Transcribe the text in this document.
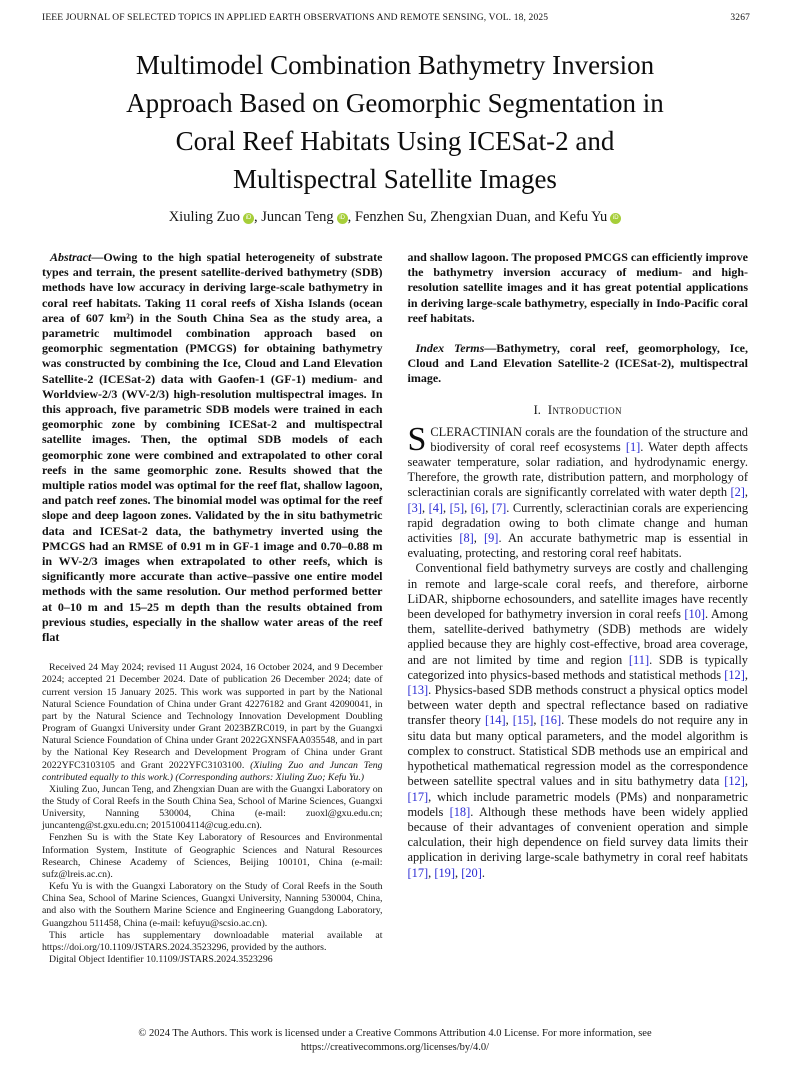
IEEE JOURNAL OF SELECTED TOPICS IN APPLIED EARTH OBSERVATIONS AND REMOTE SENSING, VOL. 18, 2025	3267
Multimodel Combination Bathymetry Inversion
Approach Based on Geomorphic Segmentation in
Coral Reef Habitats Using ICESat-2 and
Multispectral Satellite Images
Xiuling Zuo iD , Juncan Teng iD , Fenzhen Su, Zhengxian Duan, and Kefu Yu iD

Abstract—Owing to the high spatial heterogeneity of substrate types and terrain, the present satellite-derived bathymetry (SDB) methods have low accuracy in deriving large-scale bathymetry in coral reef habitats. Taking 11 coral reefs of Xisha Islands (ocean area of 607 km²) in the South China Sea as the study area, a parametric multimodel combination approach based on geomorphic segmentation (PMCGS) for obtaining bathymetry was constructed by combining the Ice, Cloud and Land Elevation Satellite-2 (ICESat-2) data with Gaofen-1 (GF-1) medium- and Worldview-2/3 (WV-2/3) high-resolution multispectral images. In this approach, five parametric SDB models were trained in each geomorphic zone by combining ICESat-2 and multispectral satellite images. Then, the optimal SDB models of each geomorphic zone were combined and extrapolated to other coral reefs in the same geomorphic zone. Results showed that the multiple ratios model was optimal for the reef flat, shallow lagoon, and patch reef zones. The binomial model was optimal for the reef slope and deep lagoon zones. Validated by the in situ bathymetric data and ICESat-2 data, the bathymetry inverted using the PMCGS had an RMSE of 0.91 m in GF-1 image and 0.70–0.88 m in WV-2/3 images when extrapolated to other reefs, which is significantly more accurate than active–passive one entire model methods with the same resolution. Our method performed better at 0–10 m and 15–25 m depth than the results obtained from previous studies, especially in the shallow water areas of the reef flat

Received 24 May 2024; revised 11 August 2024, 16 October 2024, and 9 December 2024; accepted 21 December 2024. Date of publication 26 December 2024; date of current version 15 January 2025. This work was supported in part by the National Natural Science Foundation of China under Grant 42276182 and Grant 42090041, in part by the Natural Science and Technology Innovation Development Doubling Program of Guangxi University under Grant 2023BZRC019, in part by the Guangxi Natural Science Foundation of China under Grant 2022GXNSFAA035548, and in part by the National Key Research and Development Program of China under Grant 2022YFC3103105 and Grant 2022YFC3103100. (Xiuling Zuo and Juncan Teng contributed equally to this work.) (Corresponding authors: Xiuling Zuo; Kefu Yu.)

Xiuling Zuo, Juncan Teng, and Zhengxian Duan are with the Guangxi Laboratory on the Study of Coral Reefs in the South China Sea, School of Marine Sciences, Guangxi University, Nanning 530004, China (e-mail: zuoxl@gxu.edu.cn; juncanteng@st.gxu.edu.cn; 20151004114@cug.edu.cn).

Fenzhen Su is with the State Key Laboratory of Resources and Environmental Information System, Institute of Geographic Sciences and Natural Resources Research, Chinese Academy of Sciences, Beijing 100101, China (e-mail: sufz@lreis.ac.cn).

Kefu Yu is with the Guangxi Laboratory on the Study of Coral Reefs in the South China Sea, School of Marine Sciences, Guangxi University, Nanning 530004, China, and also with the Southern Marine Science and Engineering Guangdong Laboratory, Guangzhou 511458, China (e-mail: kefuyu@scsio.ac.cn).

This article has supplementary downloadable material available at https://doi.org/10.1109/JSTARS.2024.3523296, provided by the authors.

Digital Object Identifier 10.1109/JSTARS.2024.3523296

and shallow lagoon. The proposed PMCGS can efficiently improve the bathymetry inversion accuracy of medium- and high-resolution satellite images and it has great potential applications in deriving large-scale bathymetry, especially in Indo-Pacific coral reef habitats.

Index Terms—Bathymetry, coral reef, geomorphology, Ice, Cloud and Land Elevation Satellite-2 (ICESat-2), multispectral image.

I. Introduction

SCLERACTINIAN corals are the foundation of the structure and biodiversity of coral reef ecosystems [1]. Water depth affects seawater temperature, solar radiation, and hydrodynamic energy. Therefore, the growth rate, distribution pattern, and morphology of scleractinian corals are significantly correlated with water depth [2], [3], [4], [5], [6], [7]. Currently, scleractinian corals are experiencing rapid degradation owing to both climate change and human activities [8], [9]. An accurate bathymetric map is essential in evaluating, protecting, and restoring coral reef habitats.

Conventional field bathymetry surveys are costly and challenging in remote and large-scale coral reefs, and therefore, airborne LiDAR, shipborne echosounders, and satellite images have recently been developed for bathymetry inversion in coral reefs [10]. Among them, satellite-derived bathymetry (SDB) methods are widely applied because they are highly cost-effective, broad area coverage, and are not limited by time and region [11]. SDB is typically categorized into physics-based methods and statistical methods [12], [13]. Physics-based SDB methods construct a physical optics model between water depth and spectral reflectance based on radiative transfer theory [14], [15], [16]. These models do not require any in situ data but many optical parameters, and the model algorithm is complex to construct. Statistical SDB methods use an empirical and hypothetical mathematical regression model as the correspondence between satellite spectral values and in situ bathymetry data [12], [17], which include parametric models (PMs) and nonparametric models [18]. Although these methods have been widely applied because of their advantages of convenient operation and simple calculation, their high dependence on field survey data limits their application in deriving large-scale bathymetry in coral reef habitats [17], [19], [20].

© 2024 The Authors. This work is licensed under a Creative Commons Attribution 4.0 License. For more information, see
https://creativecommons.org/licenses/by/4.0/
